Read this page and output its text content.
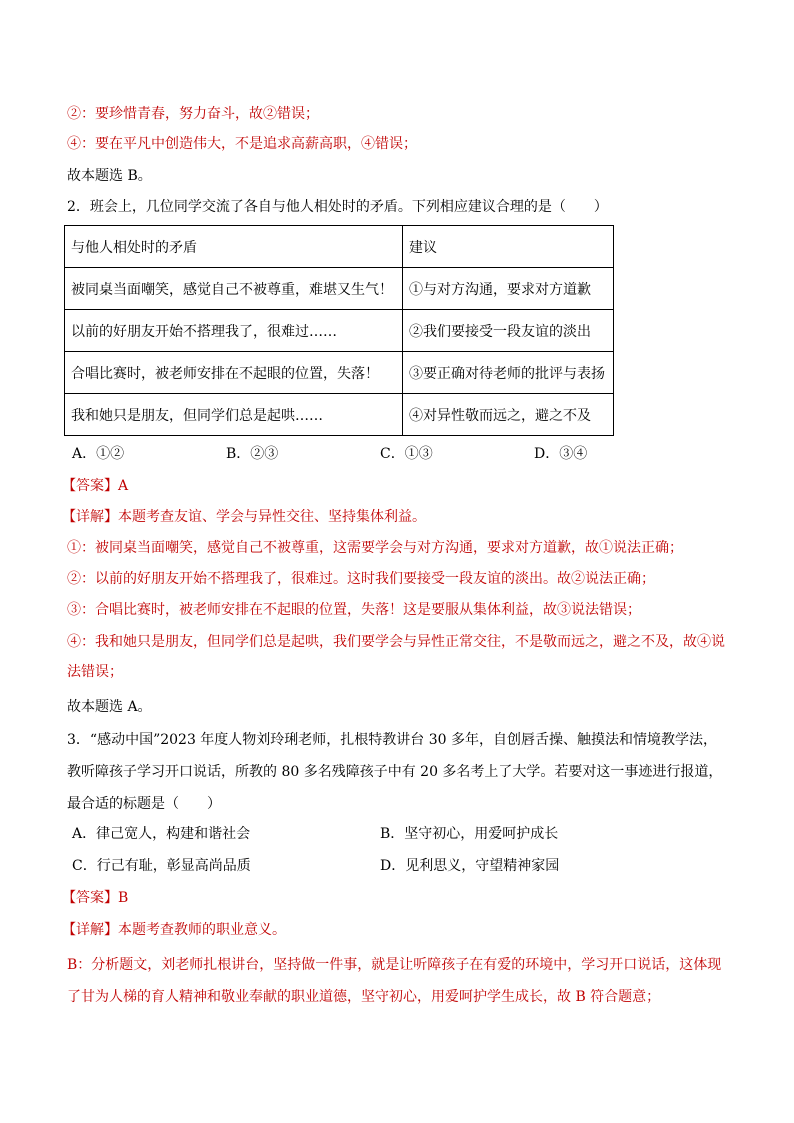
②：要珍惜青春，努力奋斗，故②错误；
④：要在平凡中创造伟大，不是追求高薪高职，④错误；
故本题选 B。
2．班会上，几位同学交流了各自与他人相处时的矛盾。下列相应建议合理的是（　　）
与他人相处时的矛盾	建议
被同桌当面嘲笑，感觉自己不被尊重，难堪又生气！	①与对方沟通，要求对方道歉
以前的好朋友开始不搭理我了，很难过……	②我们要接受一段友谊的淡出
合唱比赛时，被老师安排在不起眼的位置，失落！	③要正确对待老师的批评与表扬
我和她只是朋友，但同学们总是起哄……	④对异性敬而远之，避之不及
A．①②	B．②③	C．①③	D．③④
【答案】A
【详解】本题考查友谊、学会与异性交往、坚持集体利益。
①：被同桌当面嘲笑，感觉自己不被尊重，这需要学会与对方沟通，要求对方道歉，故①说法正确；
②：以前的好朋友开始不搭理我了，很难过。这时我们要接受一段友谊的淡出。故②说法正确；
③：合唱比赛时，被老师安排在不起眼的位置，失落！这是要服从集体利益，故③说法错误；
④：我和她只是朋友，但同学们总是起哄，我们要学会与异性正常交往，不是敬而远之，避之不及，故④说法错误；
故本题选 A。
3．“感动中国”2023 年度人物刘玲琍老师，扎根特教讲台 30 多年，自创唇舌操、触摸法和情境教学法，教听障孩子学习开口说话，所教的 80 多名残障孩子中有 20 多名考上了大学。若要对这一事迹进行报道，最合适的标题是（　　）
A．律己宽人，构建和谐社会	B．坚守初心，用爱呵护成长
C．行己有耻，彰显高尚品质	D．见利思义，守望精神家园
【答案】B
【详解】本题考查教师的职业意义。
B：分析题文，刘老师扎根讲台，坚持做一件事，就是让听障孩子在有爱的环境中，学习开口说话，这体现了甘为人梯的育人精神和敬业奉献的职业道德，坚守初心，用爱呵护学生成长，故 B 符合题意；
